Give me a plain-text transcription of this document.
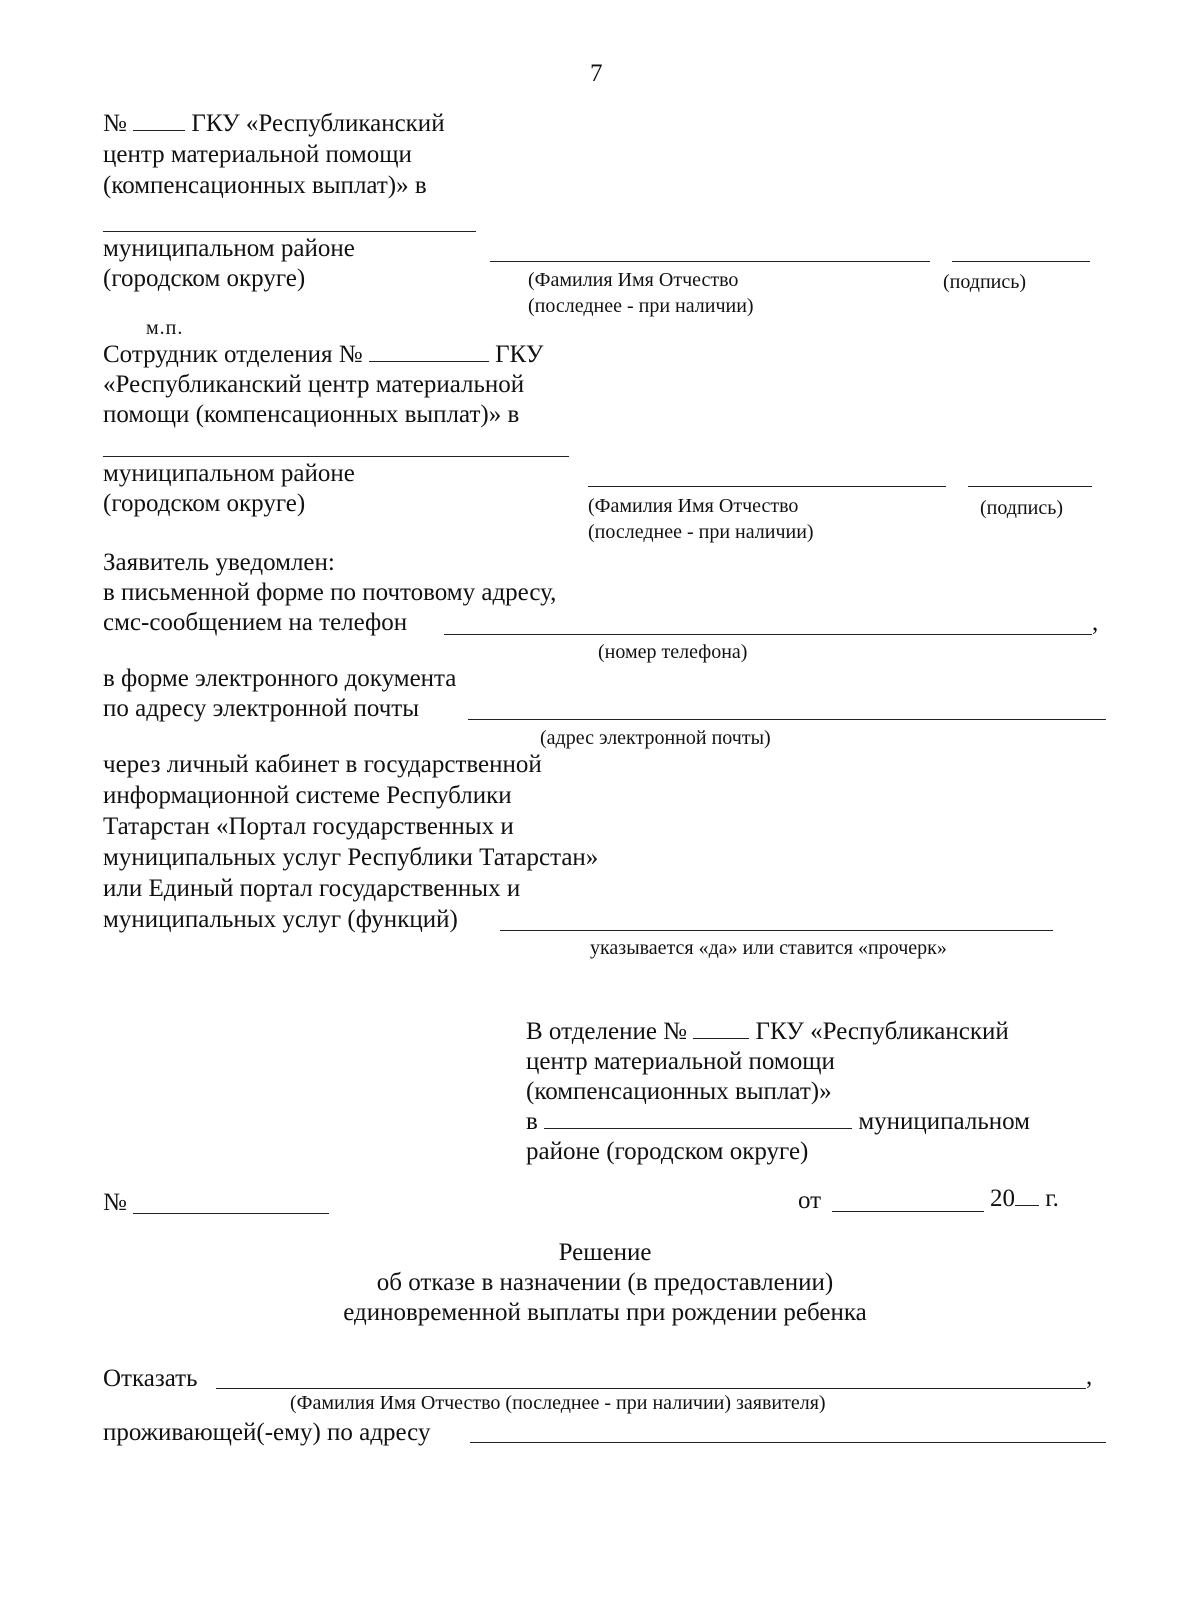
7
№	ГКУ «Республиканский
центр материальной помощи
(компенсационных выплат)» в
муниципальном районе
(городском округе)	(Фамилия Имя Отчество
(последнее - при наличии)
(подпись)
м.п.
Сотрудник отделения №	ГКУ
«Республиканский центр материальной
помощи (компенсационных выплат)» в
муниципальном районе
(городском округе)	(Фамилия Имя Отчество
(последнее - при наличии)
(подпись)
Заявитель уведомлен:
в письменной форме по почтовому адресу,
смс-сообщением на телефон	,
(номер телефона)
в форме электронного документа
по адресу электронной почты
(адрес электронной почты)
через личный кабинет в государственной
информационной системе Республики
Татарстан «Портал государственных и
муниципальных услуг Республики Татарстан»
или Единый портал государственных и
муниципальных услуг (функций)
указывается «да» или ставится «прочерк»
В отделение №	ГКУ «Республиканский
центр материальной помощи
(компенсационных выплат)»
в	муниципальном
районе (городском округе)
№	от	20 г.
Решение
об отказе в назначении (в предоставлении)
единовременной выплаты при рождении ребенка
Отказать	,
(Фамилия Имя Отчество (последнее - при наличии) заявителя)
проживающей(-ему) по адресу
